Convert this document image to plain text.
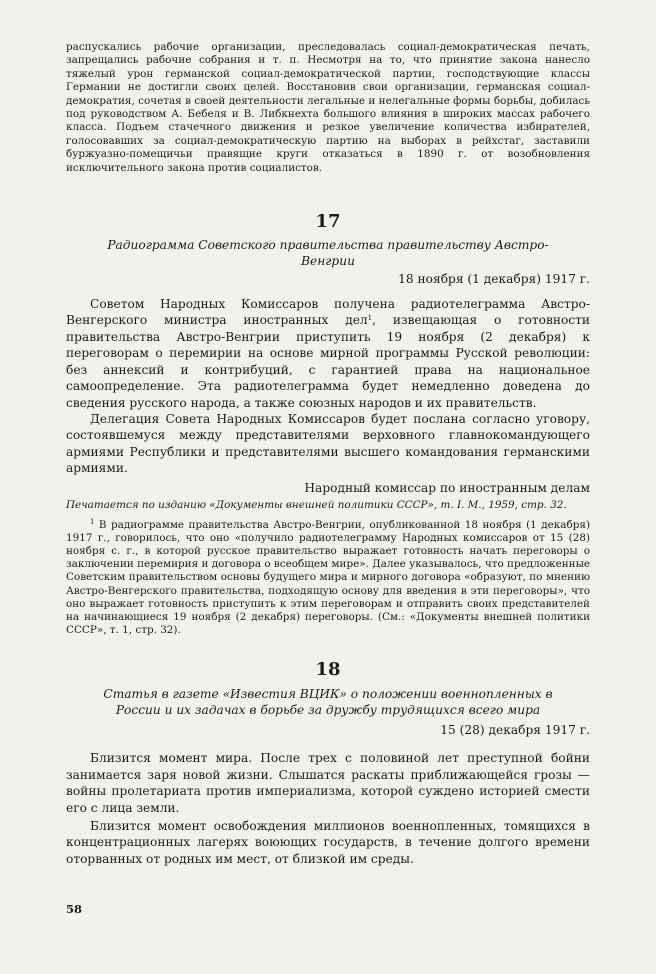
распускались рабочие организации, преследовалась социал-демократическая печать, запрещались рабочие собрания и т. п. Несмотря на то, что принятие закона нанесло тяжелый урон германской социал-демократической партии, господствующие классы Германии не достигли своих целей. Восстановив свои организации, германская социал-демократия, сочетая в своей деятельности легальные и нелегальные формы борьбы, добилась под руководством А. Бебеля и В. Либкнехта большого влияния в широких массах рабочего класса. Подъем стачечного движения и резкое увеличение количества избирателей, голосовавших за социал-демократическую партию на выборах в рейхстаг, заставили буржуазно-помещичьи правящие круги отказаться в 1890 г. от возобновления исключительного закона против социалистов.

17
Радиограмма Советского правительства правительству Австро-Венгрии
18 ноября (1 декабря) 1917 г.

Советом Народных Комиссаров получена радиотелеграмма Австро-Венгерского министра иностранных дел$^1$, извещающая о готовности правительства Австро-Венгрии приступить 19 ноября (2 декабря) к переговорам о перемирии на основе мирной программы Русской революции: без аннексий и контрибуций, с гарантией права на национальное самоопределение. Эта радиотелеграмма будет немедленно доведена до сведения русского народа, а также союзных народов и их правительств.

Делегация Совета Народных Комиссаров будет послана согласно уговору, состоявшемуся между представителями верховного главнокомандующего армиями Республики и представителями высшего командования германскими армиями.

Народный комиссар по иностранным делам

Печатается по изданию «Документы внешней политики СССР», т. I. М., 1959, стр. 32.

$^1$ В радиограмме правительства Австро-Венгрии, опубликованной 18 ноября (1 декабря) 1917 г., говорилось, что оно «получило радиотелеграмму Народных комиссаров от 15 (28) ноября с. г., в которой русское правительство выражает готовность начать переговоры о заключении перемирия и договора о всеобщем мире». Далее указывалось, что предложенные Советским правительством основы будущего мира и мирного договора «образуют, по мнению Австро-Венгерского правительства, подходящую основу для введения в эти переговоры», что оно выражает готовность приступить к этим переговорам и отправить своих представителей на начинающиеся 19 ноября (2 декабря) переговоры. (См.: «Документы внешней политики СССР», т. 1, стр. 32).

18
Статья в газете «Известия ВЦИК» о положении военнопленных в России и их задачах в борьбе за дружбу трудящихся всего мира
15 (28) декабря 1917 г.

Близится момент мира. После трех с половиной лет преступной бойни занимается заря новой жизни. Слышатся раскаты приближающейся грозы — войны пролетариата против империализма, которой суждено историей смести его с лица земли.

Близится момент освобождения миллионов военнопленных, томящихся в концентрационных лагерях воюющих государств, в течение долгого времени оторванных от родных им мест, от близкой им среды.

58
